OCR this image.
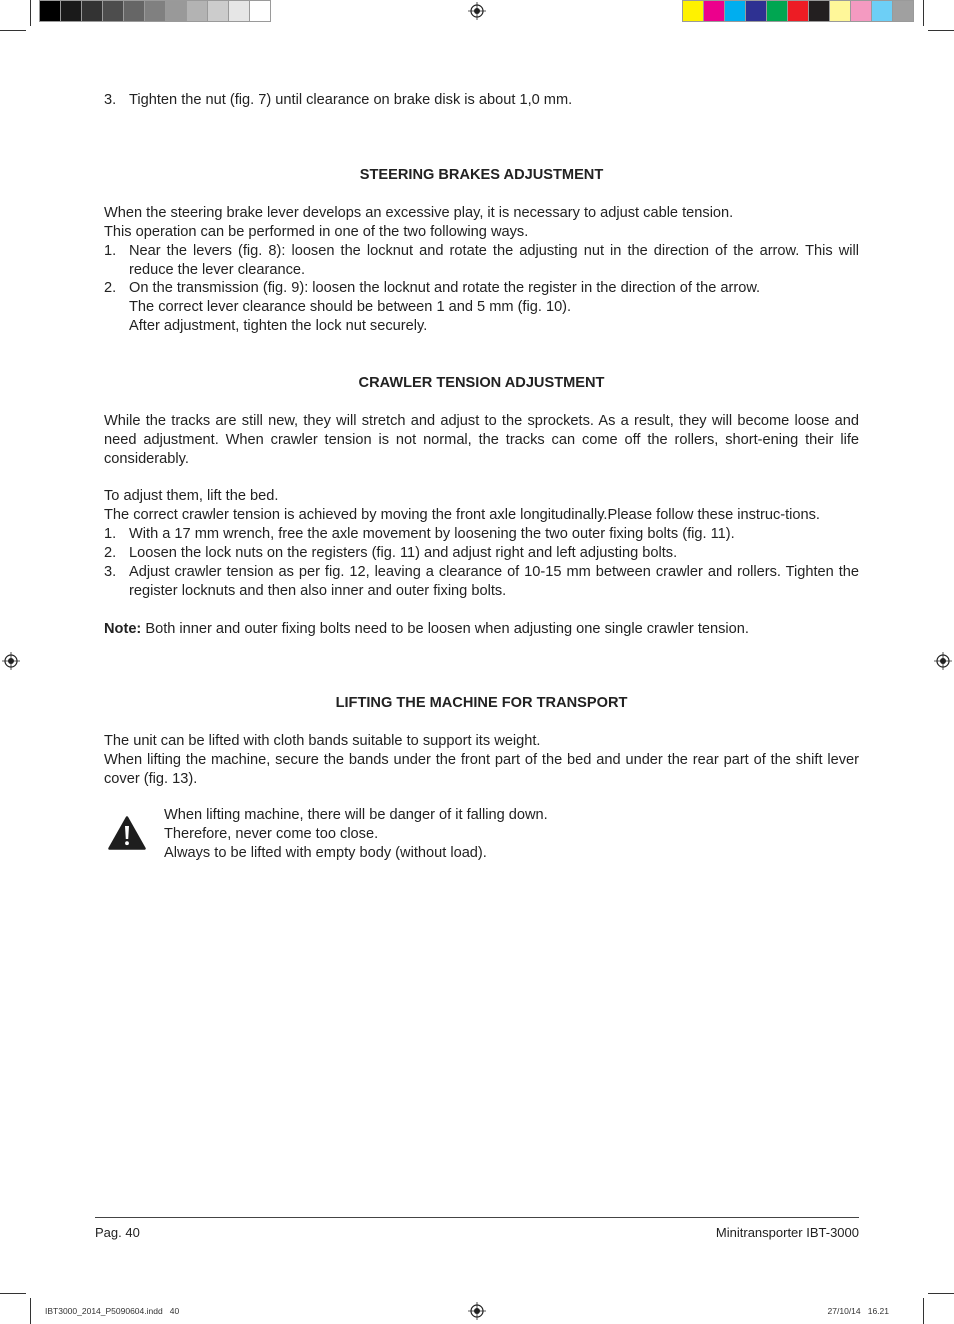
3. Tighten the nut (fig. 7) until clearance on brake disk is about 1,0 mm.

STEERING BRAKES ADJUSTMENT

When the steering brake lever develops an excessive play, it is necessary to adjust cable tension.

This operation can be performed in one of the two following ways.

1. Near the levers (fig. 8): loosen the locknut and rotate the adjusting nut in the direction of the arrow. This will reduce the lever clearance.

2. On the transmission (fig. 9): loosen the locknut and rotate the register in the direction of the arrow.

The correct lever clearance should be between 1 and 5 mm (fig. 10).

After adjustment, tighten the lock nut securely.

CRAWLER TENSION ADJUSTMENT

While the tracks are still new, they will stretch and adjust to the sprockets. As a result, they will become loose and need adjustment. When crawler tension is not normal, the tracks can come off the rollers, short-ening their life considerably.

To adjust them, lift the bed.

The correct crawler tension is achieved by moving the front axle longitudinally.Please follow these instruc-tions.

1. With a 17 mm wrench, free the axle movement by loosening the two outer fixing bolts (fig. 11).

2. Loosen the lock nuts on the registers (fig. 11) and adjust right and left adjusting bolts.

3. Adjust crawler tension as per fig. 12, leaving a clearance of 10-15 mm between crawler and rollers. Tighten the register locknuts and then also inner and outer fixing bolts.

Note: Both inner and outer fixing bolts need to be loosen when adjusting one single crawler tension.

LIFTING THE MACHINE FOR TRANSPORT

The unit can be lifted with cloth bands suitable to support its weight.

When lifting the machine, secure the bands under the front part of the bed and under the rear part of the shift lever cover (fig. 13).

When lifting machine, there will be danger of it falling down.

Therefore, never come too close.

Always to be lifted with empty body (without load).

Pag. 40	Minitransporter IBT-3000
IBT3000_2014_P5090604.indd   40	27/10/14   16.21
